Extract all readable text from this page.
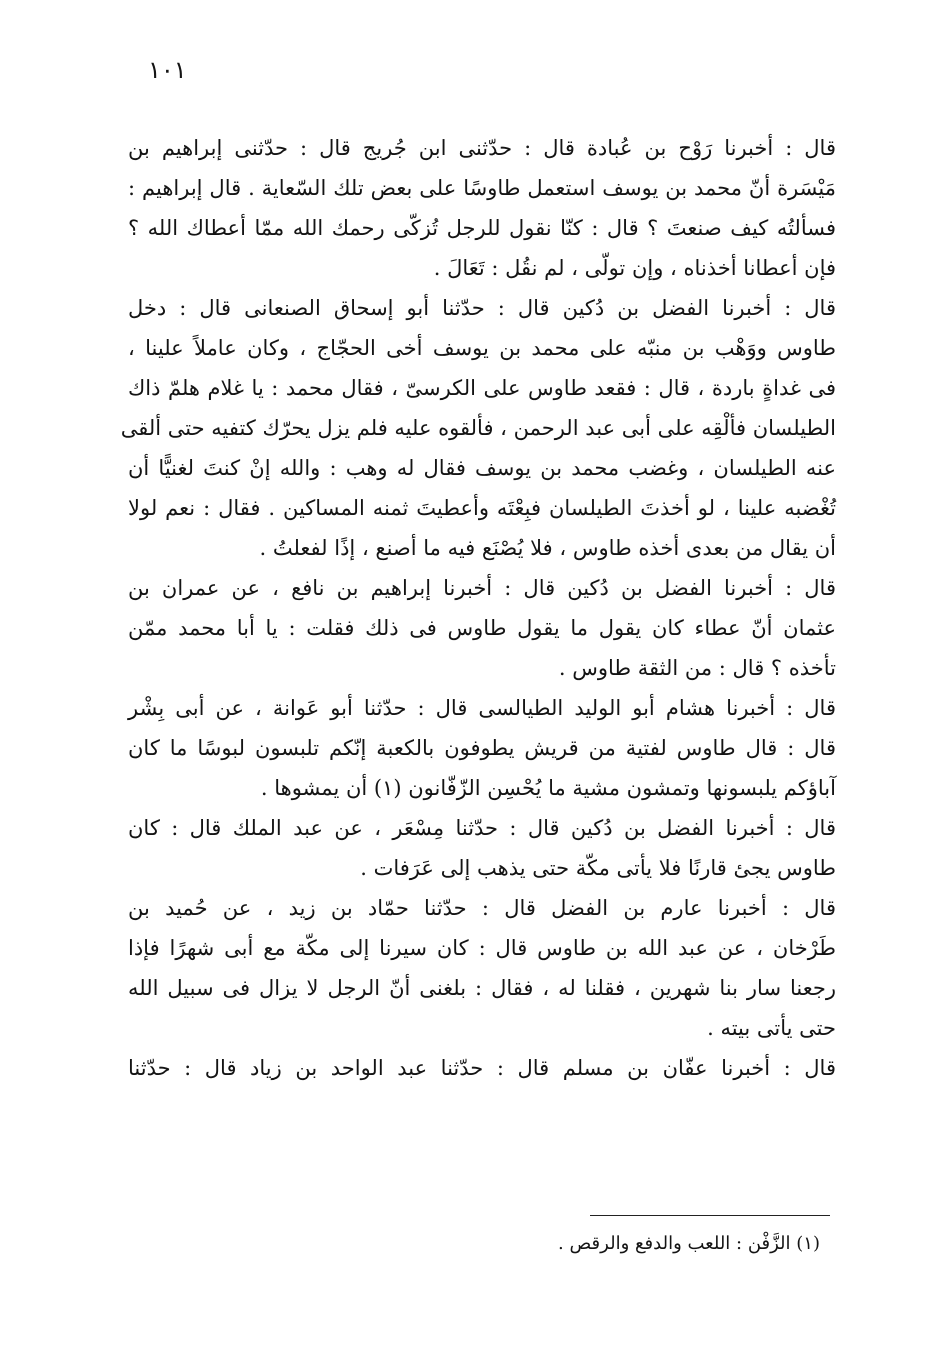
١٠١
قال : أخبرنا رَوْح بن عُبادة قال : حدّثنى ابن جُريج قال : حدّثنى إبراهيم بن
مَيْسَرة أنّ محمد بن يوسف استعمل طاوسًا على بعض تلك السّعاية . قال إبراهيم :
فسألتُه كيف صنعتَ ؟ قال : كنّا نقول للرجل تُزكّى رحمك الله ممّا أعطاك الله ؟
فإن أعطانا أخذناه ، وإن تولّى ، لم نقُل : تَعَالَ .
قال : أخبرنا الفضل بن دُكين قال : حدّثنا أبو إسحاق الصنعانى قال : دخل
طاوس ووَهْب بن منبّه على محمد بن يوسف أخى الحجّاج ، وكان عاملاً علينا ،
فى غداةٍ باردة ، قال : فقعد طاوس على الكرسىّ ، فقال محمد : يا غلام هلمّ ذاك
الطيلسان فألْقِه على أبى عبد الرحمن ، فألقوه عليه فلم يزل يحرّك كتفيه حتى ألقى
عنه الطيلسان ، وغضب محمد بن يوسف فقال له وهب : والله إنْ كنتَ لغنيًّا أن
تُغْضبه علينا ، لو أخذتَ الطيلسان فبِعْتَه وأعطيتَ ثمنه المساكين . فقال : نعم لولا
أن يقال من بعدى أخذه طاوس ، فلا يُصْنَع فيه ما أصنع ، إذًا لفعلتُ .
قال : أخبرنا الفضل بن دُكين قال : أخبرنا إبراهيم بن نافع ، عن عمران بن
عثمان أنّ عطاء كان يقول ما يقول طاوس فى ذلك فقلت : يا أبا محمد ممّن
تأخذه ؟ قال : من الثقة طاوس .
قال : أخبرنا هشام أبو الوليد الطيالسى قال : حدّثنا أبو عَوانة ، عن أبى بِشْر
قال : قال طاوس لفتية من قريش يطوفون بالكعبة إنّكم تلبسون لبوسًا ما كان
آباؤكم يلبسونها وتمشون مشية ما يُحْسِن الزّفّانون (١) أن يمشوها .
قال : أخبرنا الفضل بن دُكين قال : حدّثنا مِسْعَر ، عن عبد الملك قال : كان
طاوس يجئ قارنًا فلا يأتى مكّة حتى يذهب إلى عَرَفات .
قال : أخبرنا عارم بن الفضل قال : حدّثنا حمّاد بن زيد ، عن حُميد بن
طَرْخان ، عن عبد الله بن طاوس قال : كان سيرنا إلى مكّة مع أبى شهرًا فإذا
رجعنا سار بنا شهرين ، فقلنا له ، فقال : بلغنى أنّ الرجل لا يزال فى سبيل الله
حتى يأتى بيته .
قال : أخبرنا عفّان بن مسلم قال : حدّثنا عبد الواحد بن زياد قال : حدّثنا
(١) الزَّفْن : اللعب والدفع والرقص .
